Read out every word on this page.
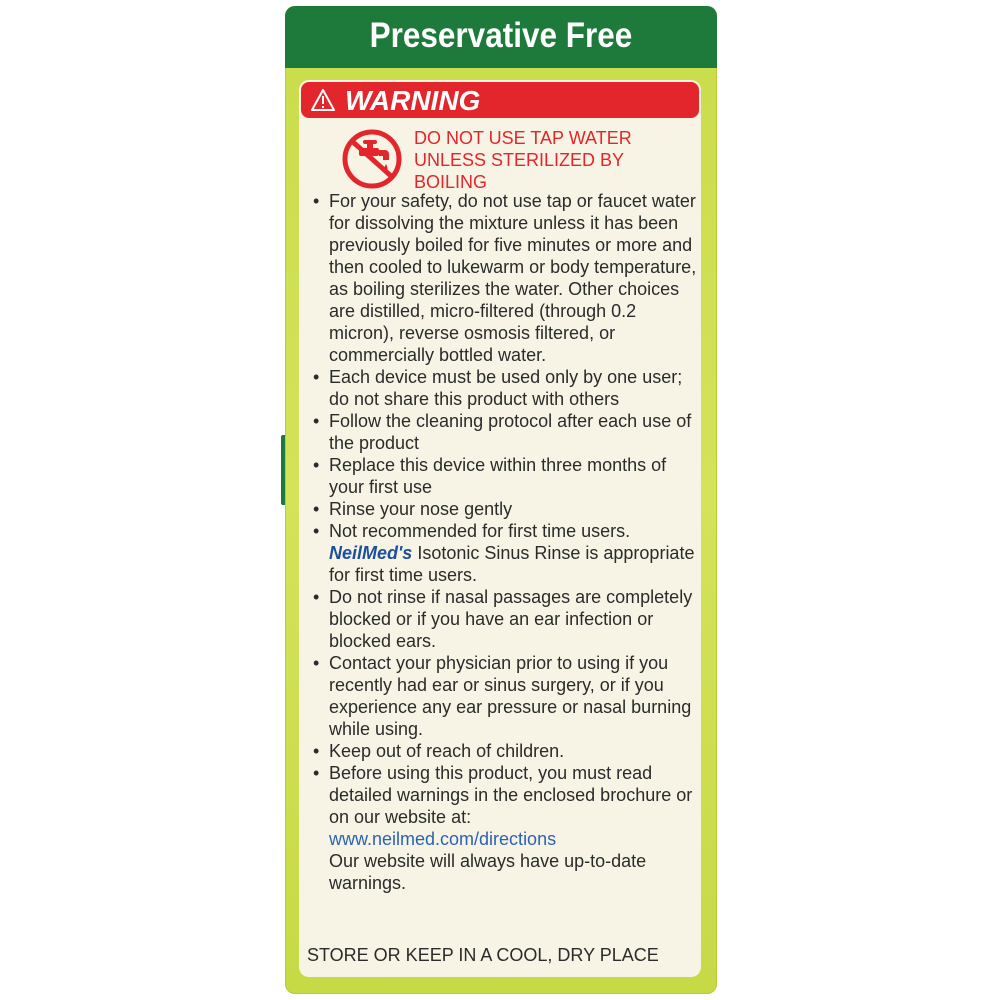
Preservative Free
WARNING
DO NOT USE TAP WATER
UNLESS STERILIZED BY
BOILING
• For your safety, do not use tap or faucet water for dissolving the mixture unless it has been previously boiled for five minutes or more and then cooled to lukewarm or body temperature, as boiling sterilizes the water. Other choices are distilled, micro-filtered (through 0.2 micron), reverse osmosis filtered, or commercially bottled water.
• Each device must be used only by one user; do not share this product with others
• Follow the cleaning protocol after each use of the product
• Replace this device within three months of your first use
• Rinse your nose gently
• Not recommended for first time users.
NeilMed's Isotonic Sinus Rinse is appropriate for first time users.
• Do not rinse if nasal passages are completely blocked or if you have an ear infection or blocked ears.
• Contact your physician prior to using if you recently had ear or sinus surgery, or if you experience any ear pressure or nasal burning while using.
• Keep out of reach of children.
• Before using this product, you must read detailed warnings in the enclosed brochure or on our website at:
www.neilmed.com/directions
Our website will always have up-to-date warnings.
STORE OR KEEP IN A COOL, DRY PLACE
